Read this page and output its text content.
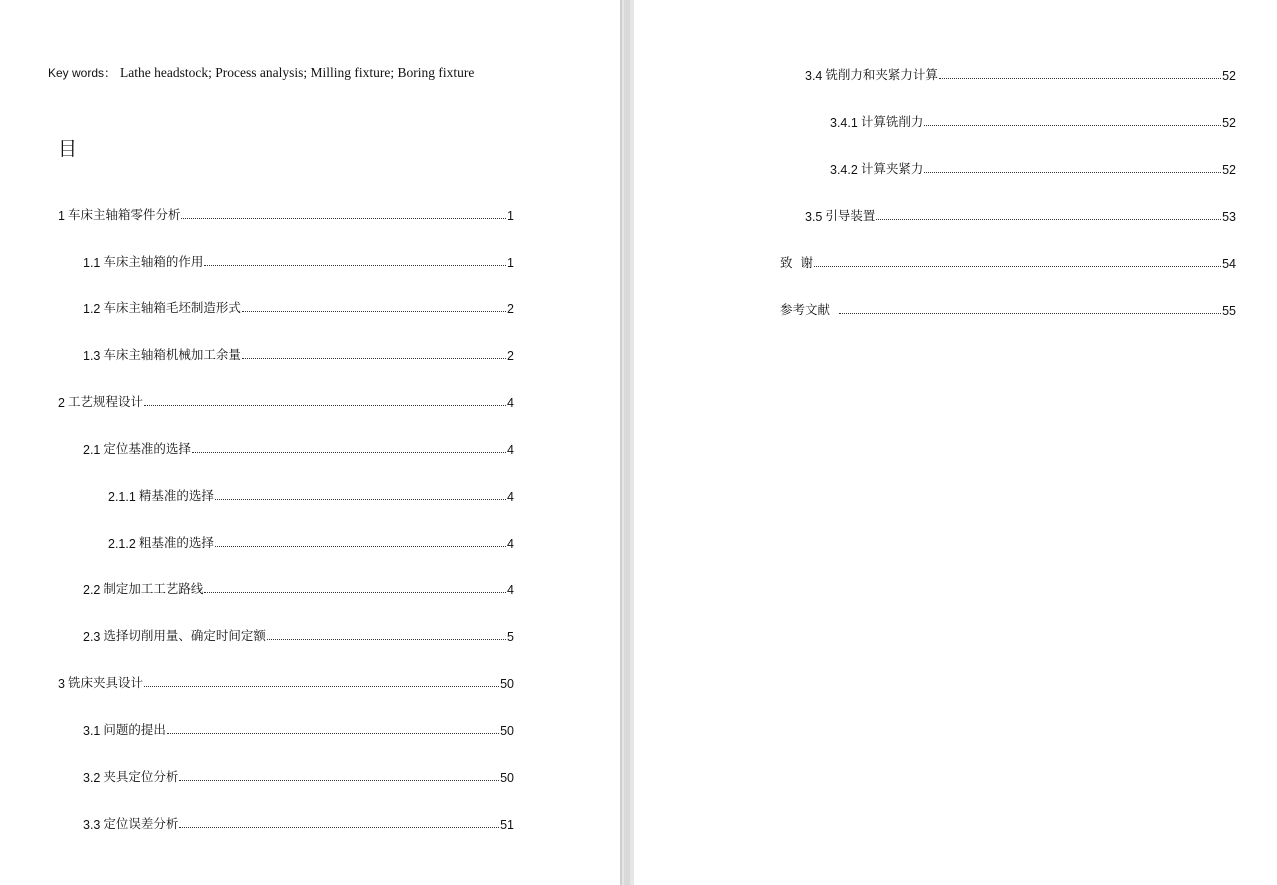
Key words： Lathe headstock; Process analysis; Milling fixture; Boring fixture
目
1 车床主轴箱零件分析	1
1.1 车床主轴箱的作用	1
1.2 车床主轴箱毛坯制造形式	2
1.3 车床主轴箱机械加工余量	2
2 工艺规程设计	4
2.1 定位基准的选择	4
2.1.1 精基准的选择	4
2.1.2 粗基准的选择	4
2.2 制定加工工艺路线	4
2.3 选择切削用量、确定时间定额	5
3 铣床夹具设计	50
3.1 问题的提出	50
3.2 夹具定位分析	50
3.3 定位误差分析	51
3.4 铣削力和夹紧力计算	52
3.4.1 计算铣削力	52
3.4.2 计算夹紧力	52
3.5 引导装置	53
致  谢	54
参考文献	55
